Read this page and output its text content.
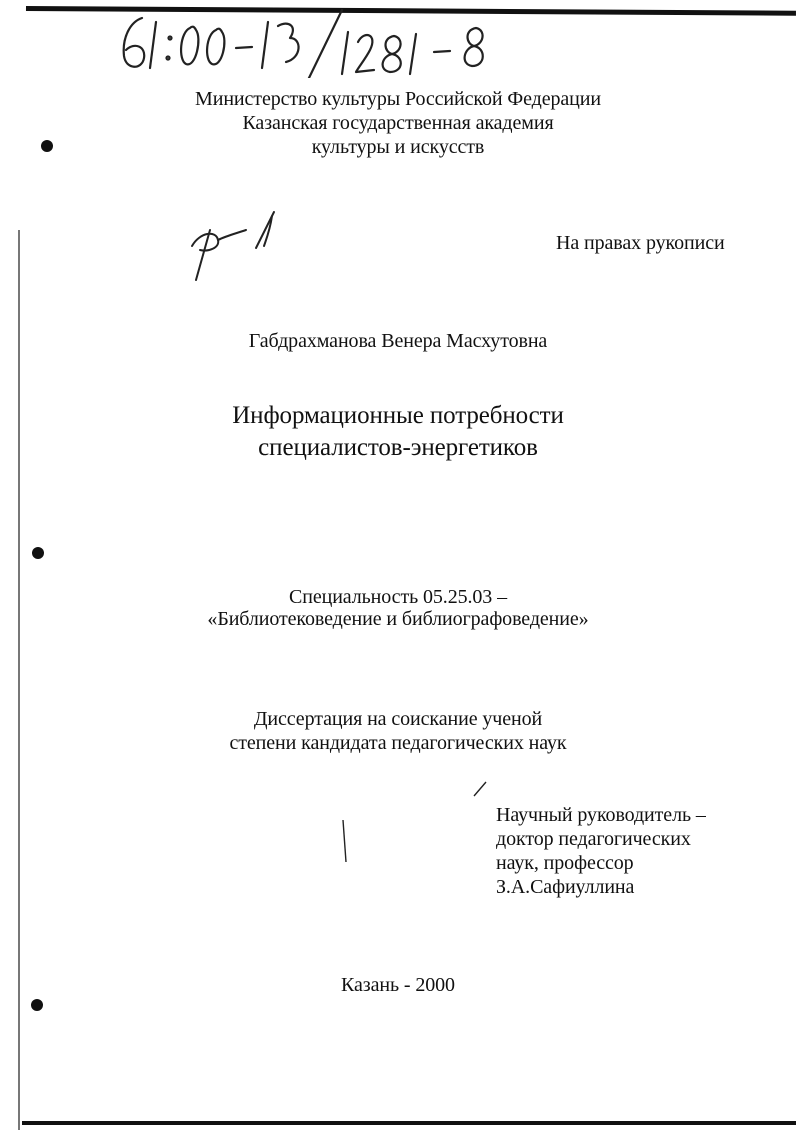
Министерство культуры Российской Федерации
Казанская государственная академия
культуры и искусств
На правах рукописи
Габдрахманова Венера Масхутовна
Информационные потребности
специалистов-энергетиков
Специальность 05.25.03 –
«Библиотековедение и библиографоведение»
Диссертация на соискание ученой
степени кандидата педагогических наук
Научный руководитель –
доктор педагогических
наук, профессор
З.А.Сафиуллина
Казань - 2000
